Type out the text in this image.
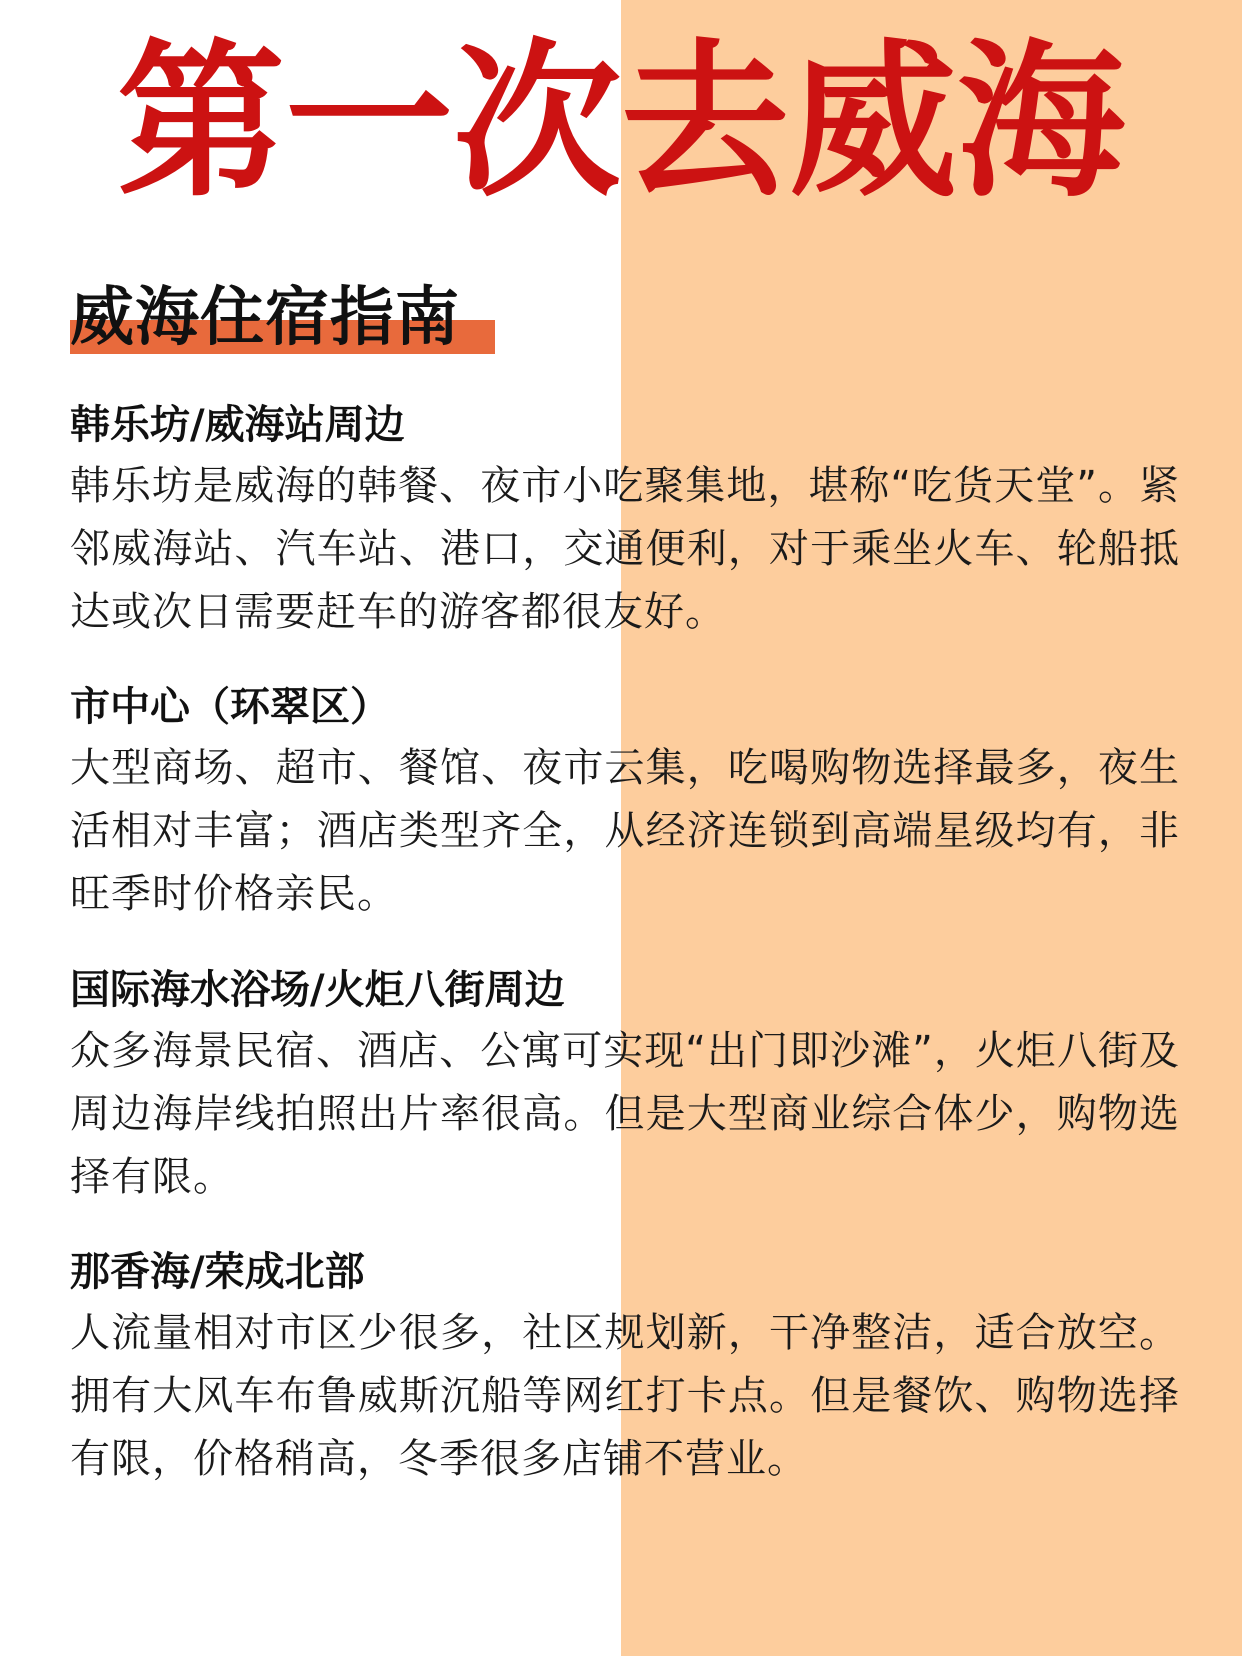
第一次去威海
威海住宿指南

韩乐坊/威海站周边

韩乐坊是威海的韩餐、夜市小吃聚集地，堪称“吃货天堂”。紧邻威海站、汽车站、港口，交通便利，对于乘坐火车、轮船抵达或次日需要赶车的游客都很友好。

市中心（环翠区）

大型商场、超市、餐馆、夜市云集，吃喝购物选择最多，夜生活相对丰富；酒店类型齐全，从经济连锁到高端星级均有，非旺季时价格亲民。

国际海水浴场/火炬八街周边

众多海景民宿、酒店、公寓可实现“出门即沙滩”，火炬八街及周边海岸线拍照出片率很高。但是大型商业综合体少，购物选择有限。

那香海/荣成北部

人流量相对市区少很多，社区规划新，干净整洁，适合放空。拥有大风车布鲁威斯沉船等网红打卡点。但是餐饮、购物选择有限，价格稍高，冬季很多店铺不营业。
